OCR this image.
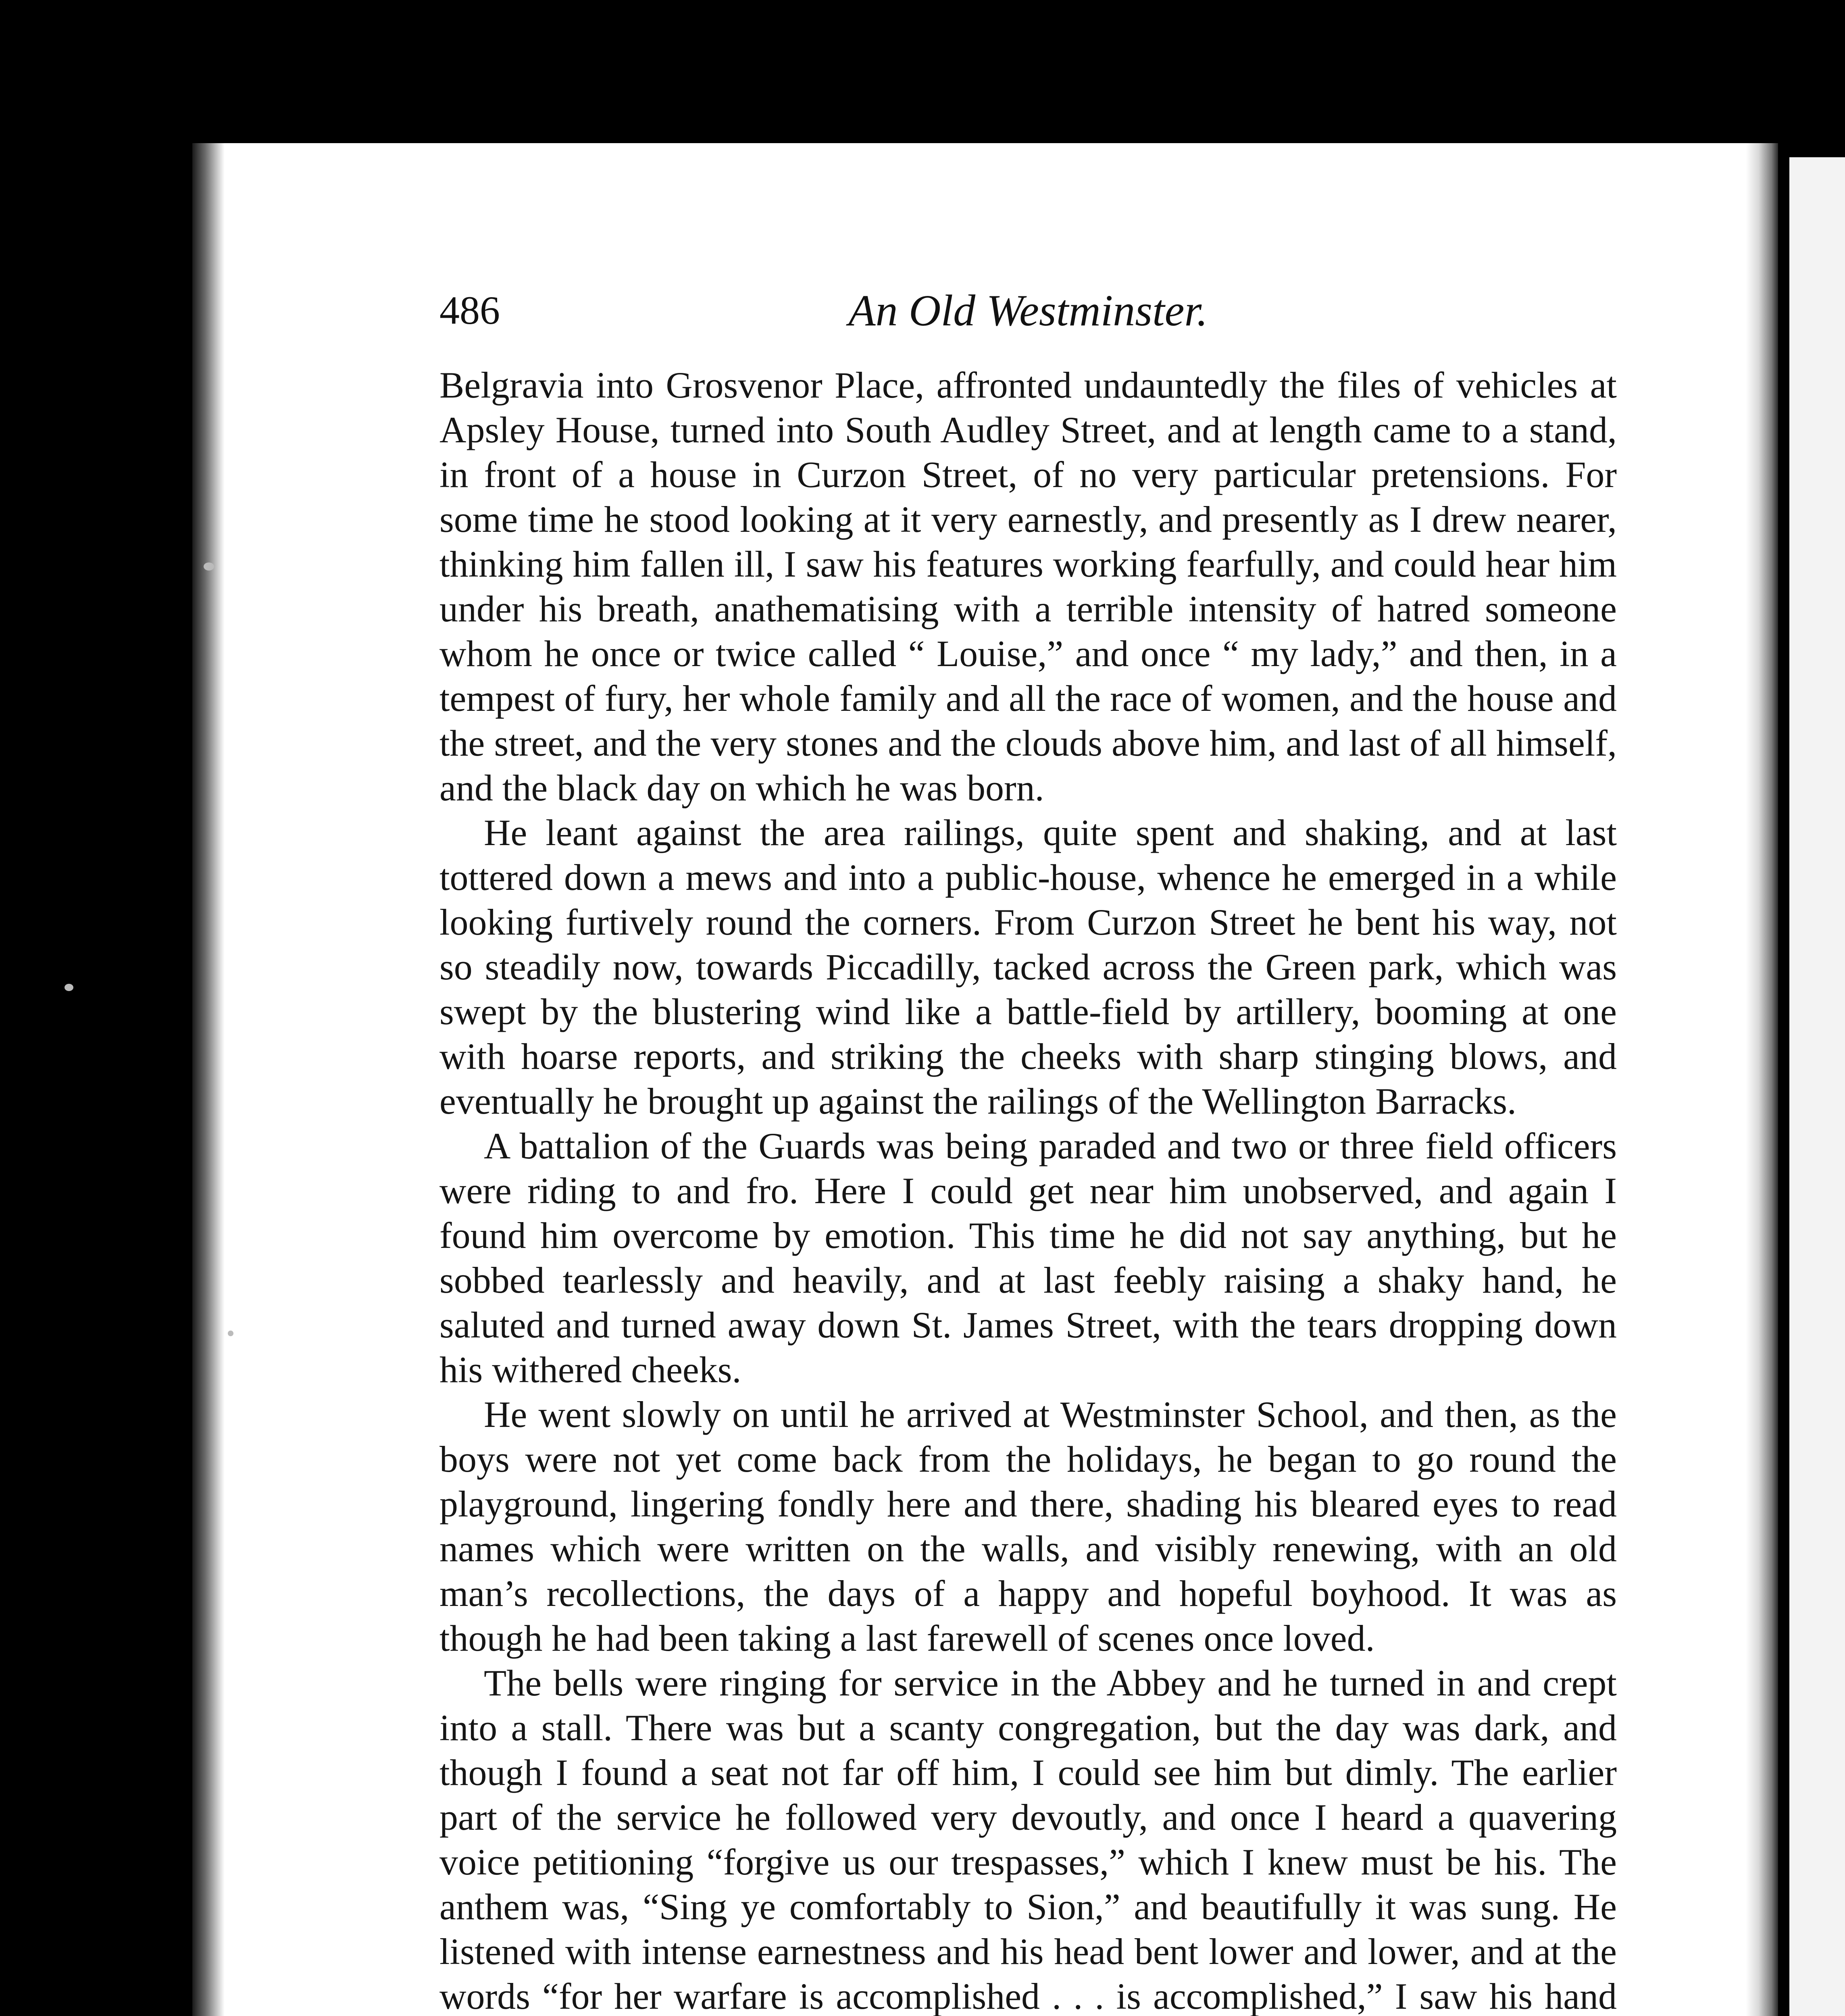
486	An Old Westminster.

Belgravia into Grosvenor Place, affronted undauntedly the files of vehicles at Apsley House, turned into South Audley Street, and at length came to a stand, in front of a house in Curzon Street, of no very particular pretensions. For some time he stood looking at it very earnestly, and presently as I drew nearer, thinking him fallen ill, I saw his features working fearfully, and could hear him under his breath, anathematising with a terrible intensity of hatred someone whom he once or twice called “ Louise,” and once “ my lady,” and then, in a tempest of fury, her whole family and all the race of women, and the house and the street, and the very stones and the clouds above him, and last of all himself, and the black day on which he was born.

He leant against the area railings, quite spent and shaking, and at last tottered down a mews and into a public-house, whence he emerged in a while looking furtively round the corners. From Curzon Street he bent his way, not so steadily now, towards Piccadilly, tacked across the Green park, which was swept by the blustering wind like a battle-field by artillery, booming at one with hoarse reports, and striking the cheeks with sharp stinging blows, and eventually he brought up against the railings of the Wellington Barracks.

A battalion of the Guards was being paraded and two or three field officers were riding to and fro. Here I could get near him unobserved, and again I found him overcome by emotion. This time he did not say anything, but he sobbed tearlessly and heavily, and at last feebly raising a shaky hand, he saluted and turned away down St. James Street, with the tears dropping down his withered cheeks.

He went slowly on until he arrived at Westminster School, and then, as the boys were not yet come back from the holidays, he began to go round the playground, lingering fondly here and there, shading his bleared eyes to read names which were written on the walls, and visibly renewing, with an old man’s recollections, the days of a happy and hopeful boyhood. It was as though he had been taking a last farewell of scenes once loved.

The bells were ringing for service in the Abbey and he turned in and crept into a stall. There was but a scanty congregation, but the day was dark, and though I found a seat not far off him, I could see him but dimly. The earlier part of the service he followed very devoutly, and once I heard a quavering voice petitioning “forgive us our trespasses,” which I knew must be his. The anthem was, “Sing ye comfortably to Sion,” and beautifully it was sung. He listened with intense earnestness and his head bent lower and lower, and at the words “for her warfare is accomplished . . . is accomplished,” I saw his hand
